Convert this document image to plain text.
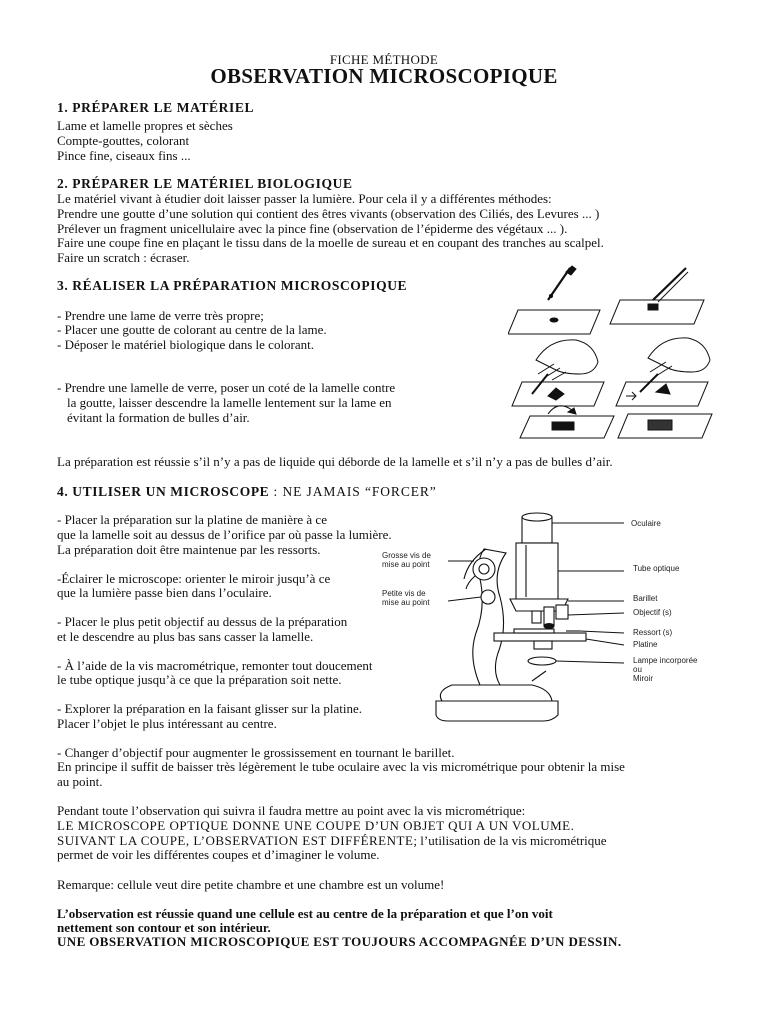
FICHE MÉTHODE
OBSERVATION MICROSCOPIQUE
1. PRÉPARER LE MATÉRIEL
Lame et lamelle propres et sèches
Compte-gouttes, colorant
Pince fine, ciseaux fins ...
2. PRÉPARER LE MATÉRIEL BIOLOGIQUE
Le matériel vivant à étudier doit laisser passer la lumière. Pour cela il y a différentes méthodes:
Prendre une goutte d’une solution qui contient des êtres vivants (observation des Ciliés, des Levures ... )
Prélever un fragment unicellulaire avec la pince fine (observation de l’épiderme des végétaux ... ).
Faire une coupe fine en plaçant le tissu dans de la moelle de sureau et en coupant des tranches au scalpel.
Faire un scratch : écraser.
3. RÉALISER LA PRÉPARATION MICROSCOPIQUE
- Prendre une lame de verre très propre;
- Placer une goutte de colorant au centre de la lame.
- Déposer le matériel biologique dans le colorant.
- Prendre une lamelle de verre, poser un coté de la lamelle contre
la goutte, laisser descendre la lamelle lentement sur la lame en
évitant la formation de bulles d’air.
La préparation est réussie s’il n’y a pas de liquide qui déborde de la lamelle et s’il n’y a pas de bulles d’air.
4. UTILISER UN MICROSCOPE : NE JAMAIS “FORCER”
- Placer la préparation sur la platine de manière à ce
que la lamelle soit au dessus de l’orifice par où passe la lumière.
La préparation doit être maintenue par les ressorts.
-Éclairer le microscope: orienter le miroir jusqu’à ce
que la lumière passe bien dans l’oculaire.
- Placer le plus petit objectif au dessus de la préparation
et le descendre au plus bas sans casser la lamelle.
- À l’aide de la vis macrométrique, remonter tout doucement
le tube optique jusqu’à ce que la préparation soit nette.
- Explorer la préparation en la faisant glisser sur la platine.
Placer l’objet le plus intéressant au centre.
- Changer d’objectif pour augmenter le grossissement en tournant le barillet.
En principe il suffit de baisser très légèrement le tube oculaire avec la vis micrométrique pour obtenir la mise
au point.
Pendant toute l’observation qui suivra il faudra mettre au point avec la vis micrométrique:
LE MICROSCOPE OPTIQUE DONNE UNE COUPE D’UN OBJET QUI A UN VOLUME.
SUIVANT LA COUPE, L’OBSERVATION EST DIFFÉRENTE; l’utilisation de la vis micrométrique
permet de voir les différentes coupes et d’imaginer le volume.
Remarque: cellule veut dire petite chambre et une chambre est un volume!
L’observation est réussie quand une cellule est au centre de la préparation et que l’on voit
nettement son contour et son intérieur.
UNE OBSERVATION MICROSCOPIQUE EST TOUJOURS ACCOMPAGNÉE D’UN DESSIN.
Oculaire
Grosse vis de
mise au point	Tube optique
Petite vis de
mise au point	Barillet
Objectif (s)
Ressort (s)
Platine
Lampe incorporée
ou
Miroir
